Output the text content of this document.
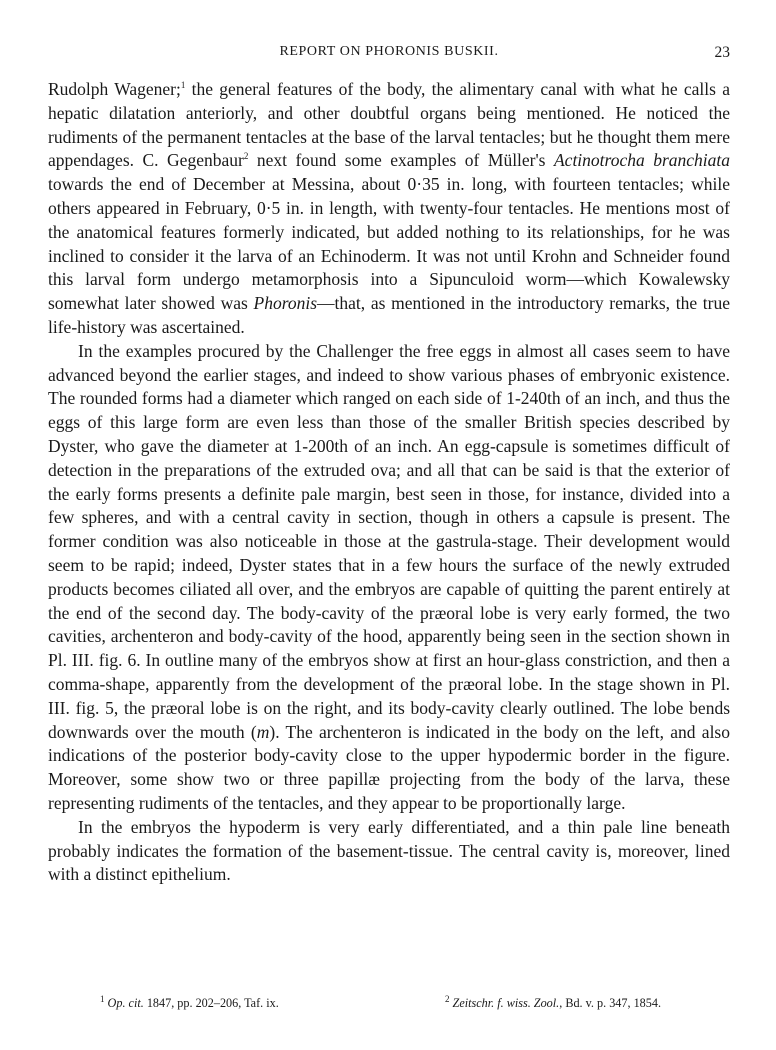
REPORT ON PHORONIS BUSKII.	23

Rudolph Wagener;$^1$ the general features of the body, the alimentary canal with what he calls a hepatic dilatation anteriorly, and other doubtful organs being mentioned. He noticed the rudiments of the permanent tentacles at the base of the larval tentacles; but he thought them mere appendages. C. Gegenbaur$^2$ next found some examples of Müller's Actinotrocha branchiata towards the end of December at Messina, about 0·35 in. long, with fourteen tentacles; while others appeared in February, 0·5 in. in length, with twenty-four tentacles. He mentions most of the anatomical features formerly indicated, but added nothing to its relationships, for he was inclined to consider it the larva of an Echinoderm. It was not until Krohn and Schneider found this larval form undergo metamorphosis into a Sipunculoid worm—which Kowalewsky somewhat later showed was Phoronis—that, as mentioned in the introductory remarks, the true life-history was ascertained.

In the examples procured by the Challenger the free eggs in almost all cases seem to have advanced beyond the earlier stages, and indeed to show various phases of embryonic existence. The rounded forms had a diameter which ranged on each side of 1-240th of an inch, and thus the eggs of this large form are even less than those of the smaller British species described by Dyster, who gave the diameter at 1-200th of an inch. An egg-capsule is sometimes difficult of detection in the preparations of the extruded ova; and all that can be said is that the exterior of the early forms presents a definite pale margin, best seen in those, for instance, divided into a few spheres, and with a central cavity in section, though in others a capsule is present. The former condition was also noticeable in those at the gastrula-stage. Their development would seem to be rapid; indeed, Dyster states that in a few hours the surface of the newly extruded products becomes ciliated all over, and the embryos are capable of quitting the parent entirely at the end of the second day. The body-cavity of the præoral lobe is very early formed, the two cavities, archenteron and body-cavity of the hood, apparently being seen in the section shown in Pl. III. fig. 6. In outline many of the embryos show at first an hour-glass constriction, and then a comma-shape, apparently from the development of the præoral lobe. In the stage shown in Pl. III. fig. 5, the præoral lobe is on the right, and its body-cavity clearly outlined. The lobe bends downwards over the mouth (m). The archenteron is indicated in the body on the left, and also indications of the posterior body-cavity close to the upper hypodermic border in the figure. Moreover, some show two or three papillæ projecting from the body of the larva, these representing rudiments of the tentacles, and they appear to be proportionally large.

In the embryos the hypoderm is very early differentiated, and a thin pale line beneath probably indicates the formation of the basement-tissue. The central cavity is, moreover, lined with a distinct epithelium.

$^1$ Op. cit. 1847, pp. 202–206, Taf. ix.	$^2$ Zeitschr. f. wiss. Zool., Bd. v. p. 347, 1854.
